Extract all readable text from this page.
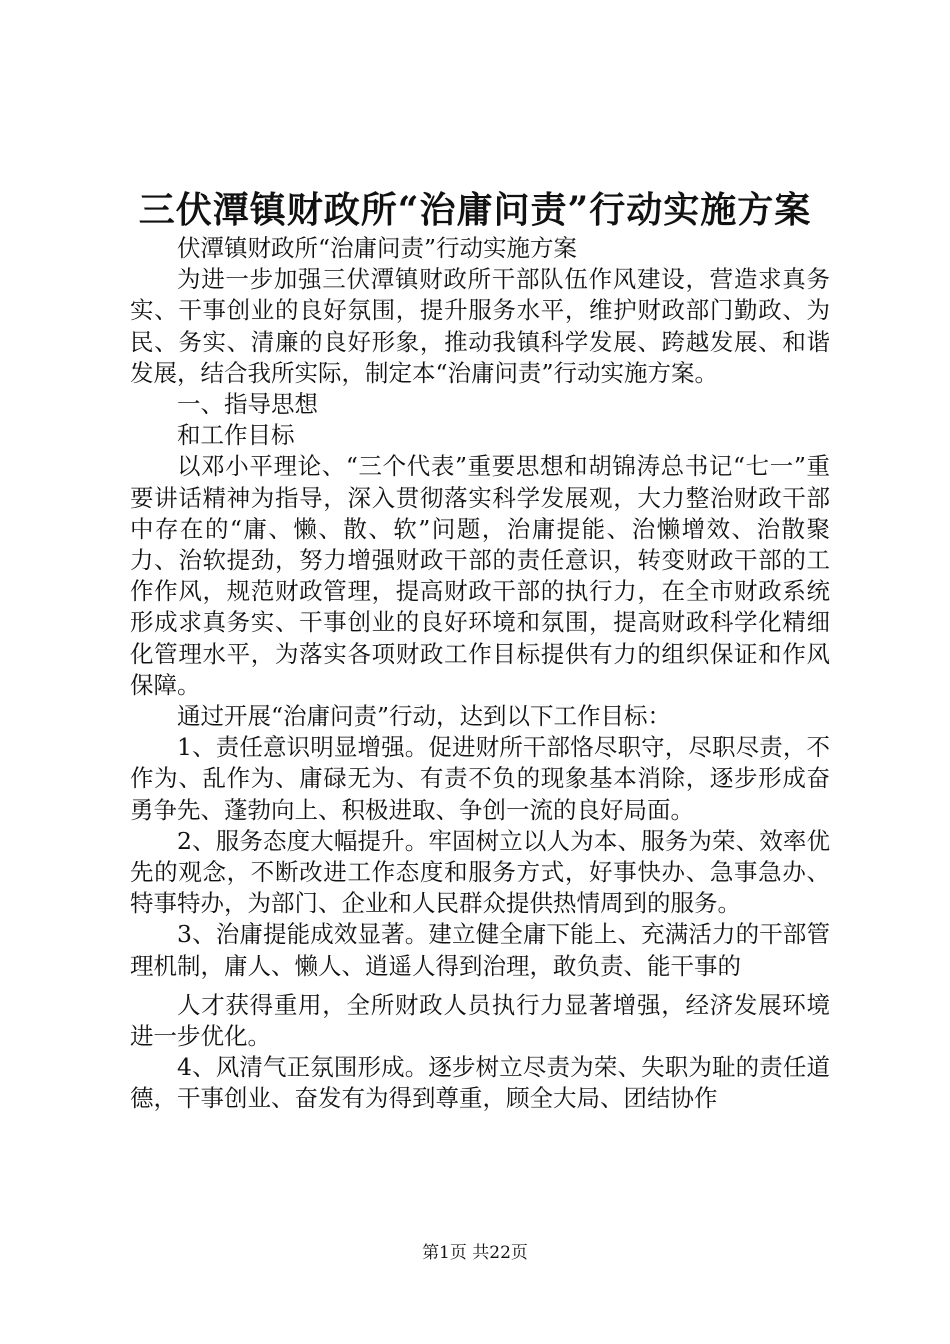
三伏潭镇财政所“治庸问责”行动实施方案

伏潭镇财政所“治庸问责”行动实施方案

为进一步加强三伏潭镇财政所干部队伍作风建设，营造求真务实、干事创业的良好氛围，提升服务水平，维护财政部门勤政、为民、务实、清廉的良好形象，推动我镇科学发展、跨越发展、和谐发展，结合我所实际，制定本“治庸问责”行动实施方案。

一、指导思想

和工作目标

以邓小平理论、“三个代表”重要思想和胡锦涛总书记“七一”重要讲话精神为指导，深入贯彻落实科学发展观，大力整治财政干部中存在的“庸、懒、散、软”问题，治庸提能、治懒增效、治散聚力、治软提劲，努力增强财政干部的责任意识，转变财政干部的工作作风，规范财政管理，提高财政干部的执行力，在全市财政系统形成求真务实、干事创业的良好环境和氛围，提高财政科学化精细化管理水平，为落实各项财政工作目标提供有力的组织保证和作风保障。

通过开展“治庸问责”行动，达到以下工作目标：

1、责任意识明显增强。促进财所干部恪尽职守，尽职尽责，不作为、乱作为、庸碌无为、有责不负的现象基本消除，逐步形成奋勇争先、蓬勃向上、积极进取、争创一流的良好局面。

2、服务态度大幅提升。牢固树立以人为本、服务为荣、效率优先的观念，不断改进工作态度和服务方式，好事快办、急事急办、特事特办，为部门、企业和人民群众提供热情周到的服务。

3、治庸提能成效显著。建立健全庸下能上、充满活力的干部管理机制，庸人、懒人、逍遥人得到治理，敢负责、能干事的

人才获得重用，全所财政人员执行力显著增强，经济发展环境进一步优化。

4、风清气正氛围形成。逐步树立尽责为荣、失职为耻的责任道德，干事创业、奋发有为得到尊重，顾全大局、团结协作

第1页 共22页
